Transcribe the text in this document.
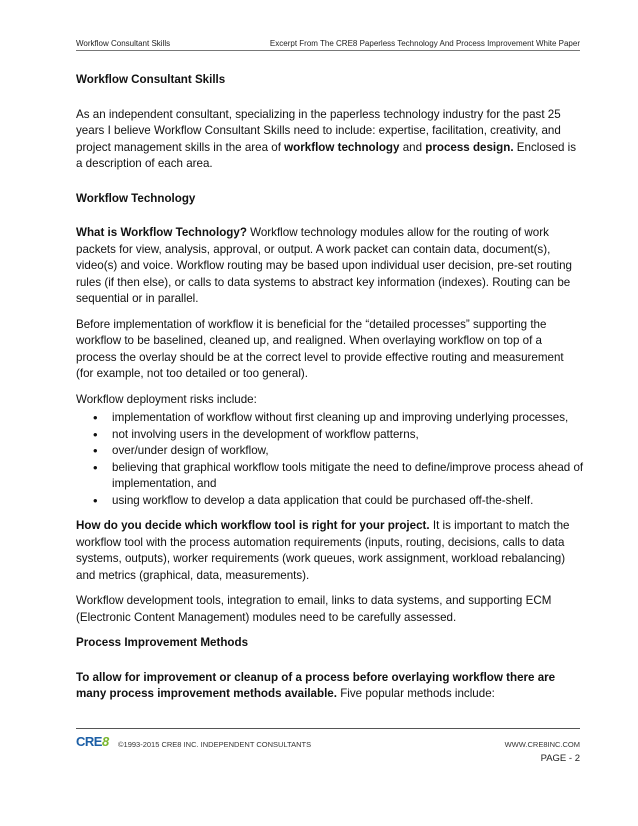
Workflow Consultant Skills	Excerpt From The CRE8 Paperless Technology And Process Improvement White Paper

Workflow Consultant Skills

As an independent consultant, specializing in the paperless technology industry for the past 25 years I believe Workflow Consultant Skills need to include: expertise, facilitation, creativity, and project management skills in the area of workflow technology and process design. Enclosed is a description of each area.

Workflow Technology

What is Workflow Technology? Workflow technology modules allow for the routing of work packets for view, analysis, approval, or output. A work packet can contain data, document(s), video(s) and voice. Workflow routing may be based upon individual user decision, pre-set routing rules (if then else), or calls to data systems to abstract key information (indexes). Routing can be sequential or in parallel.

Before implementation of workflow it is beneficial for the “detailed processes” supporting the workflow to be baselined, cleaned up, and realigned. When overlaying workflow on top of a process the overlay should be at the correct level to provide effective routing and measurement (for example, not too detailed or too general).

Workflow deployment risks include:

• implementation of workflow without first cleaning up and improving underlying processes,
• not involving users in the development of workflow patterns,
• over/under design of workflow,
• believing that graphical workflow tools mitigate the need to define/improve process ahead of implementation, and
• using workflow to develop a data application that could be purchased off-the-shelf.

How do you decide which workflow tool is right for your project. It is important to match the workflow tool with the process automation requirements (inputs, routing, decisions, calls to data systems, outputs), worker requirements (work queues, work assignment, workload rebalancing) and metrics (graphical, data, measurements).

Workflow development tools, integration to email, links to data systems, and supporting ECM (Electronic Content Management) modules need to be carefully assessed.

Process Improvement Methods

To allow for improvement or cleanup of a process before overlaying workflow there are many process improvement methods available. Five popular methods include:

CRE8 ©1993-2015 CRE8 INC. INDEPENDENT CONSULTANTS	WWW.CRE8INC.COM
PAGE - 2
